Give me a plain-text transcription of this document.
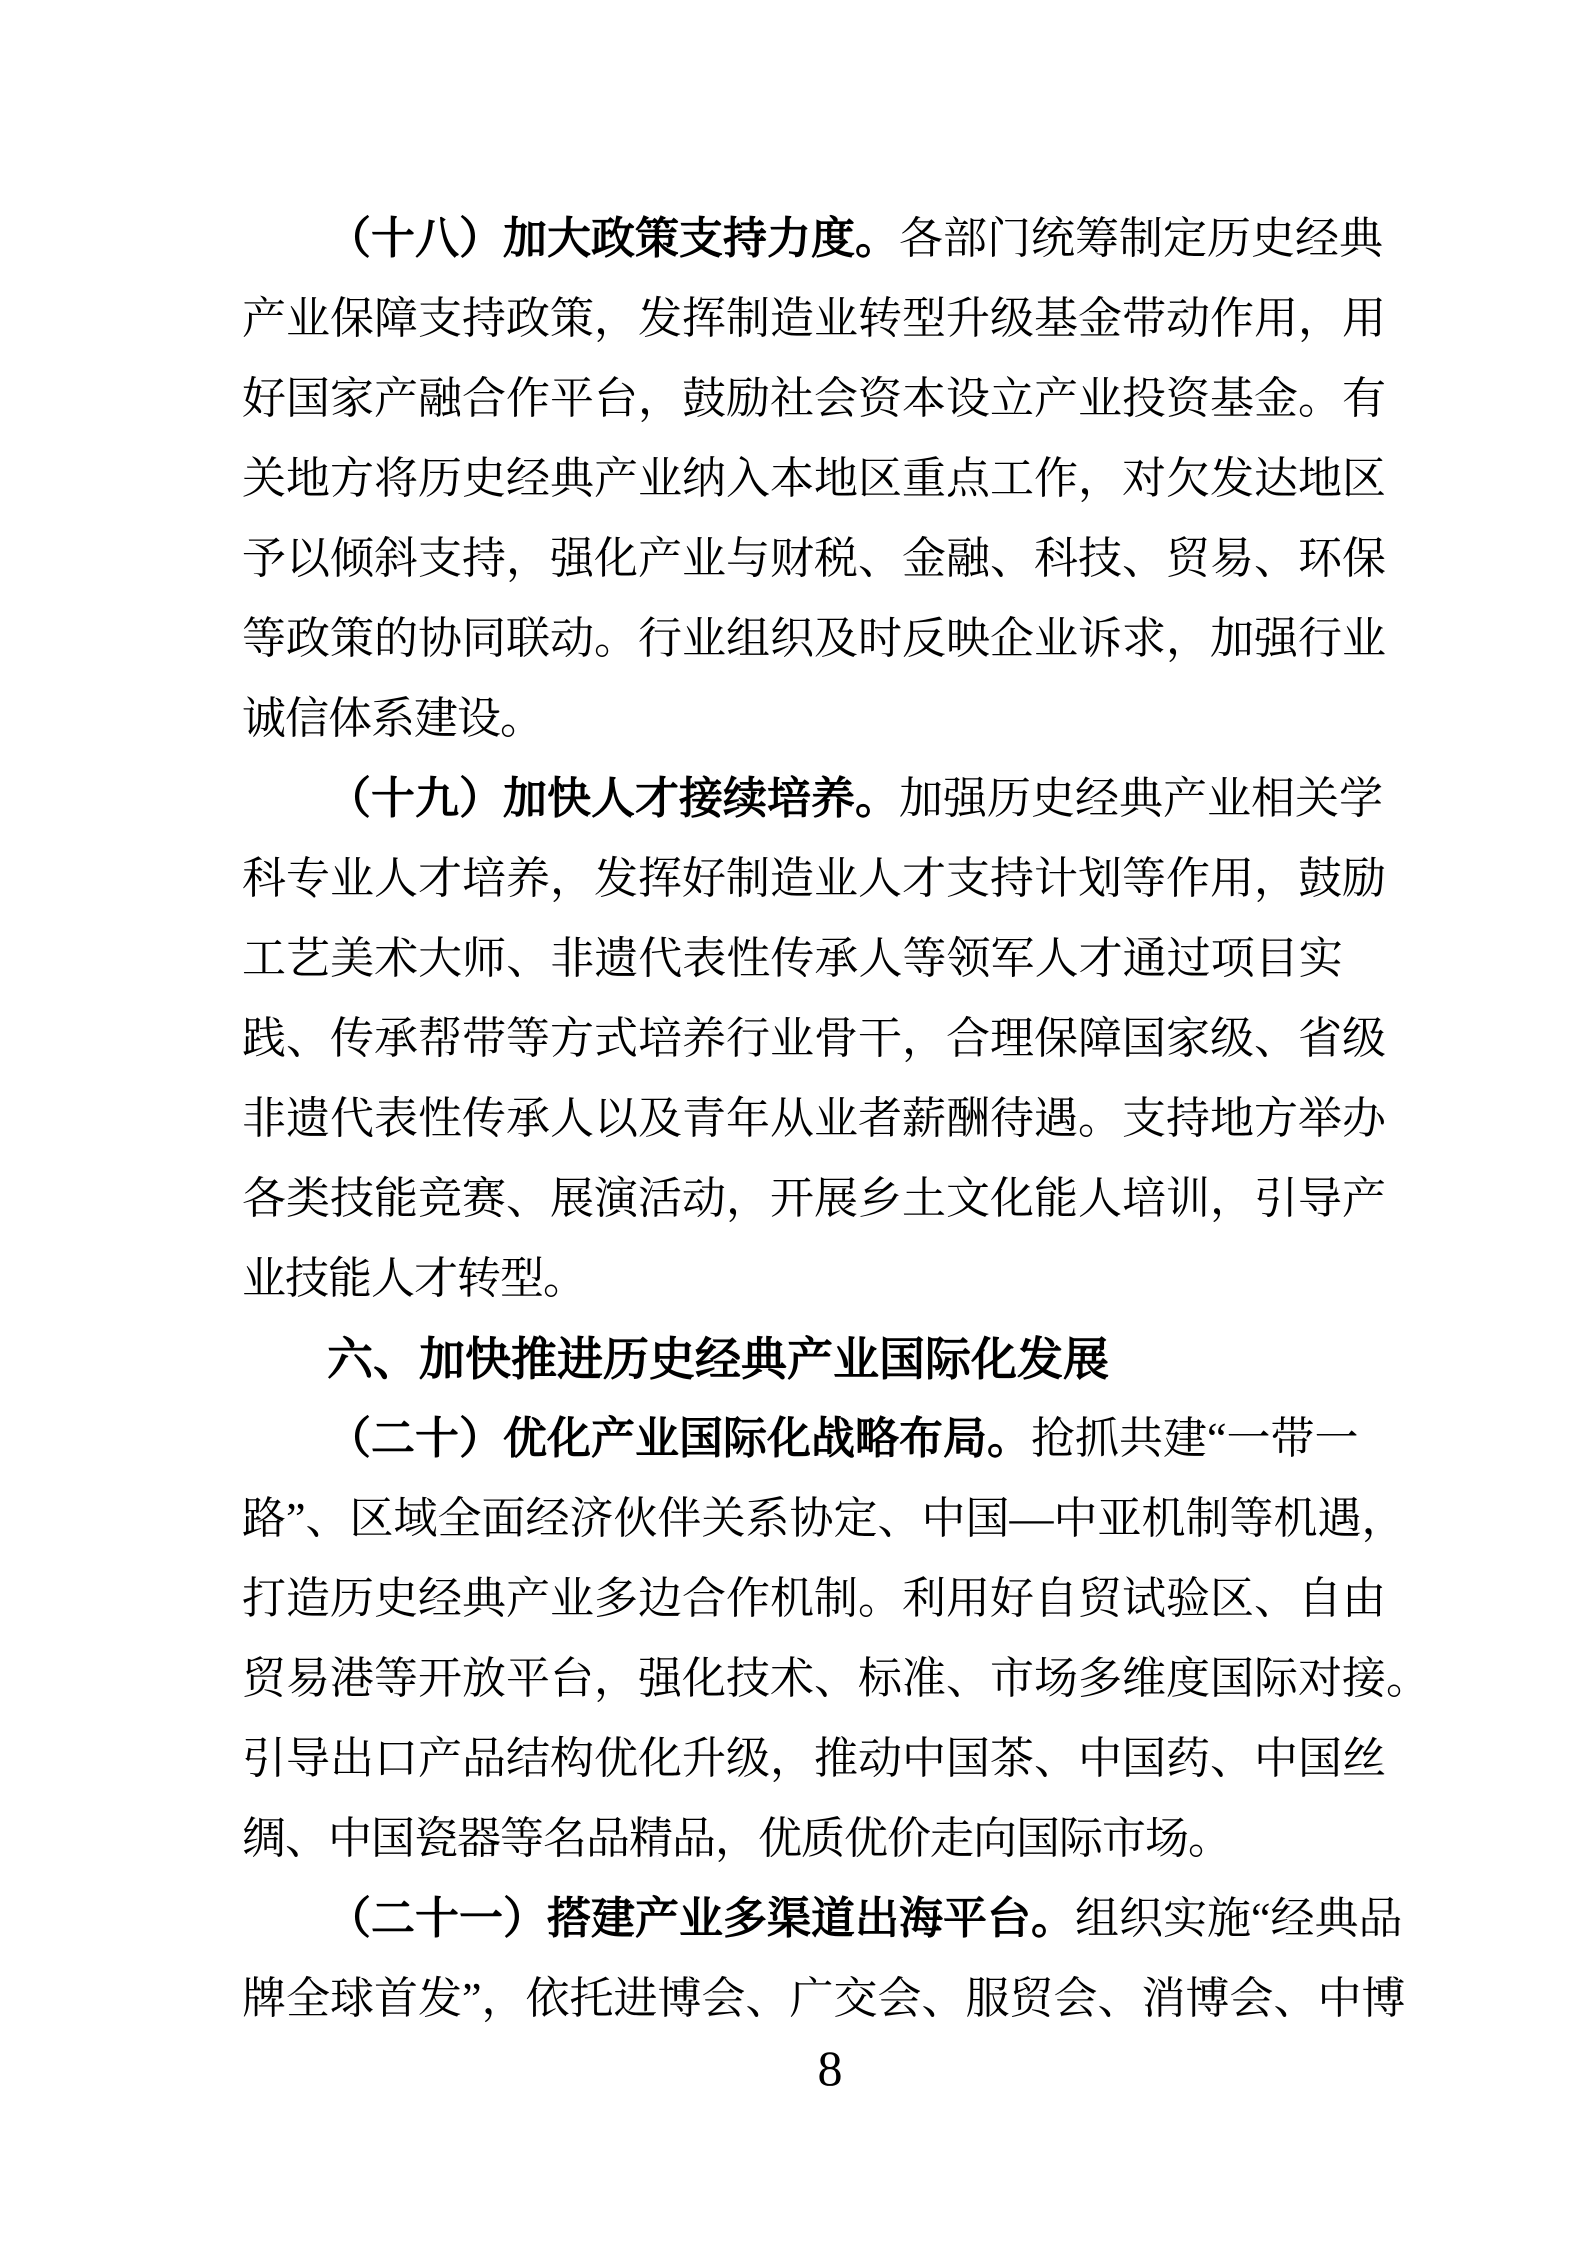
（ 十 八 ） 加 大 政 策 支 持 力 度 。 各 部 门 统 筹 制 定 历 史 经 典
产 业 保 障 支 持 政 策 ， 发 挥 制 造 业 转 型 升 级 基 金 带 动 作 用 ， 用
好 国 家 产 融 合 作 平 台 ， 鼓 励 社 会 资 本 设 立 产 业 投 资 基 金 。 有
关 地 方 将 历 史 经 典 产 业 纳 入 本 地 区 重 点 工 作 ， 对 欠 发 达 地 区
予 以 倾 斜 支 持 ， 强 化 产 业 与 财 税 、 金 融 、 科 技 、 贸 易 、 环 保
等 政 策 的 协 同 联 动 。 行 业 组 织 及 时 反 映 企 业 诉 求 ， 加 强 行 业
诚信体系建设。
（ 十 九 ） 加 快 人 才 接 续 培 养 。 加 强 历 史 经 典 产 业 相 关 学
科 专 业 人 才 培 养 ， 发 挥 好 制 造 业 人 才 支 持 计 划 等 作 用 ， 鼓 励
工 艺 美 术 大 师 、 非 遗 代 表 性 传 承 人 等 领 军 人 才 通 过 项 目 实
践 、 传 承 帮 带 等 方 式 培 养 行 业 骨 干 ， 合 理 保 障 国 家 级 、 省 级
非 遗 代 表 性 传 承 人 以 及 青 年 从 业 者 薪 酬 待 遇 。 支 持 地 方 举 办
各 类 技 能 竞 赛 、 展 演 活 动 ， 开 展 乡 土 文 化 能 人 培 训 ， 引 导 产
业技能人才转型。
六、加快推进历史经典产业国际化发展
（ 二 十 ） 优 化 产 业 国 际 化 战 略 布 局 。 抢 抓 共 建 “ 一 带 一
路 ” 、 区 域 全 面 经 济 伙 伴 关 系 协 定 、 中 国 — 中 亚 机 制 等 机 遇 ，
打 造 历 史 经 典 产 业 多 边 合 作 机 制 。 利 用 好 自 贸 试 验 区 、 自 由
贸 易 港 等 开 放 平 台 ， 强 化 技 术 、 标 准 、 市 场 多 维 度 国 际 对 接 。
引 导 出 口 产 品 结 构 优 化 升 级 ， 推 动 中 国 茶 、 中 国 药 、 中 国 丝
绸、中国瓷器等名品精品，优质优价走向国际市场。
（ 二 十 一 ） 搭 建 产 业 多 渠 道 出 海 平 台 。 组 织 实 施 “ 经 典 品
牌 全 球 首 发 ” ， 依 托 进 博 会 、 广 交 会 、 服 贸 会 、 消 博 会 、 中 博
8
